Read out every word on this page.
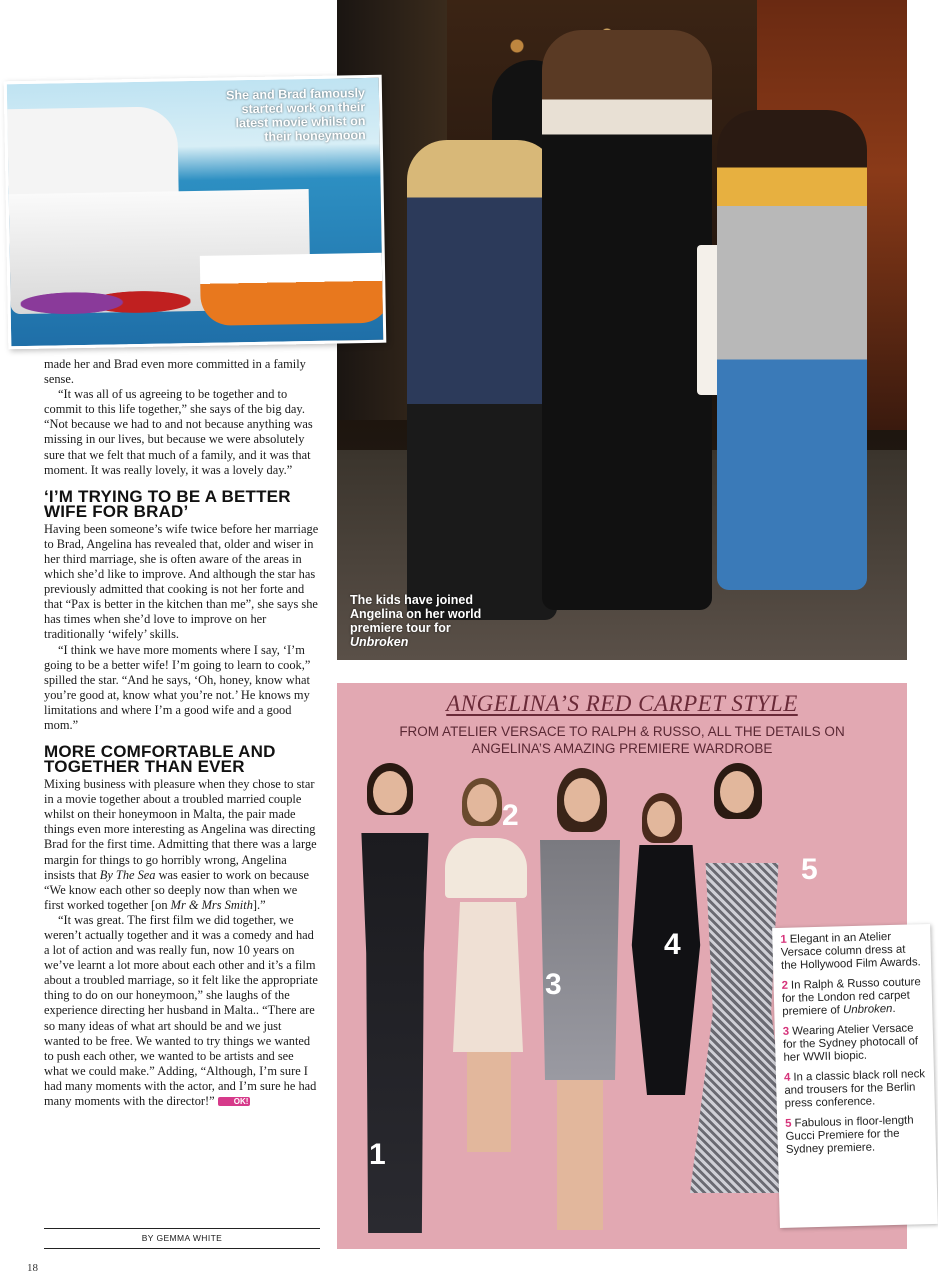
The kids have joined Angelina on her world premiere tour for Unbroken
She and Brad famously started work on their latest movie whilst on their honeymoon

made her and Brad even more committed in a family sense.

“It was all of us agreeing to be together and to commit to this life together,” she says of the big day. “Not because we had to and not because anything was missing in our lives, but because we were absolutely sure that we felt that much of a family, and it was that moment. It was really lovely, it was a lovely day.”

‘I’M TRYING TO BE A BETTER WIFE FOR BRAD’

Having been someone’s wife twice before her marriage to Brad, Angelina has revealed that, older and wiser in her third marriage, she is often aware of the areas in which she’d like to improve. And although the star has previously admitted that cooking is not her forte and that “Pax is better in the kitchen than me”, she says she has times when she’d love to improve on her traditionally ‘wifely’ skills.

“I think we have more moments where I say, ‘I’m going to be a better wife! I’m going to learn to cook,” spilled the star. “And he says, ‘Oh, honey, know what you’re good at, know what you’re not.’ He knows my limitations and where I’m a good wife and a good mom.”

MORE COMFORTABLE AND TOGETHER THAN EVER

Mixing business with pleasure when they chose to star in a movie together about a troubled married couple whilst on their honeymoon in Malta, the pair made things even more interesting as Angelina was directing Brad for the first time. Admitting that there was a large margin for things to go horribly wrong, Angelina insists that By The Sea was easier to work on because “We know each other so deeply now than when we first worked together [on Mr & Mrs Smith].”

“It was great. The first film we did together, we weren’t actually together and it was a comedy and had a lot of action and was really fun, now 10 years on we’ve learnt a lot more about each other and it’s a film about a troubled marriage, so it felt like the appropriate thing to do on our honeymoon,” she laughs of the experience directing her husband in Malta.. “There are so many ideas of what art should be and we just wanted to be free. We wanted to try things we wanted to push each other, we wanted to be artists and see what we could make.” Adding, “Although, I’m sure I had many moments with the actor, and I’m sure he had many moments with the director!” OK!

BY GEMMA WHITE
18
ANGELINA’S RED CARPET STYLE
FROM ATELIER VERSACE TO RALPH & RUSSO, ALL THE DETAILS ON ANGELINA’S AMAZING PREMIERE WARDROBE
1
2
3
4
5
1 Elegant in an Atelier Versace column dress at the Hollywood Film Awards.
2 In Ralph & Russo couture for the London red carpet premiere of Unbroken.
3 Wearing Atelier Versace for the Sydney photocall of her WWII biopic.
4 In a classic black roll neck and trousers for the Berlin press conference.
5 Fabulous in floor-length Gucci Premiere for the Sydney premiere.
